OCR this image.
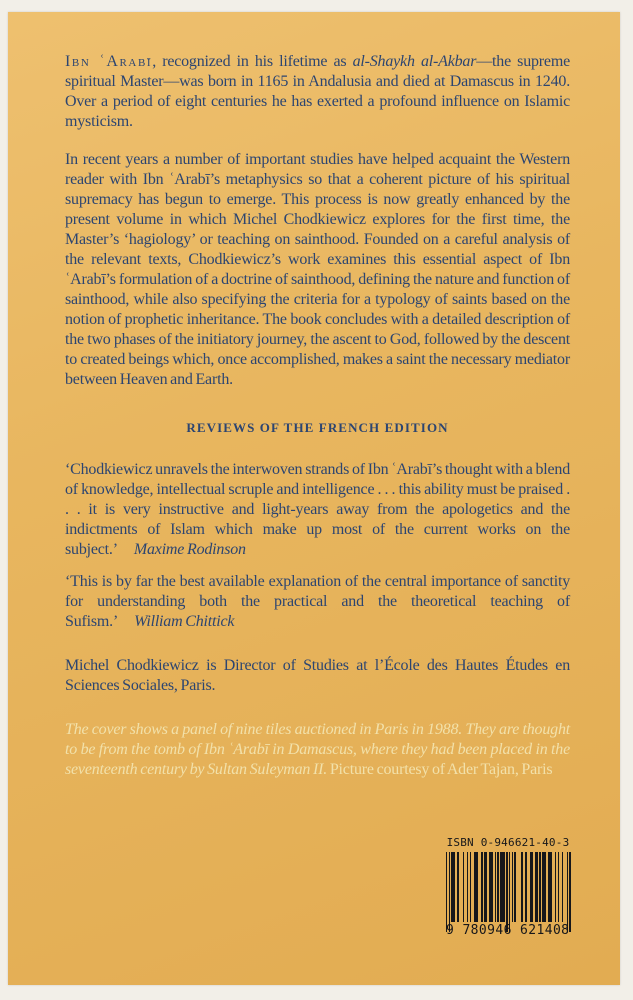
Ibn ʿArabī, recognized in his lifetime as al-Shaykh al-Akbar—the supreme spiritual Master—was born in 1165 in Andalusia and died at Damascus in 1240. Over a period of eight centuries he has exerted a profound influence on Islamic mysticism.

In recent years a number of important studies have helped acquaint the Western reader with Ibn ʿArabī’s metaphysics so that a coherent picture of his spiritual supremacy has begun to emerge. This process is now greatly enhanced by the present volume in which Michel Chodkiewicz explores for the first time, the Master’s ‘hagiology’ or teaching on sainthood. Founded on a careful analysis of the relevant texts, Chodkiewicz’s work examines this essential aspect of Ibn ʿArabī’s formulation of a doctrine of sainthood, defining the nature and function of sainthood, while also specifying the criteria for a typology of saints based on the notion of prophetic inheritance. The book concludes with a detailed description of the two phases of the initiatory journey, the ascent to God, followed by the descent to created beings which, once accomplished, makes a saint the necessary mediator between Heaven and Earth.

REVIEWS OF THE FRENCH EDITION

‘Chodkiewicz unravels the interwoven strands of Ibn ʿArabī’s thought with a blend of knowledge, intellectual scruple and intelligence . . . this ability must be praised . . . it is very instructive and light-years away from the apologetics and the indictments of Islam which make up most of the current works on the subject.’ Maxime Rodinson

‘This is by far the best available explanation of the central importance of sanctity for understanding both the practical and the theoretical teaching of Sufism.’ William Chittick

Michel Chodkiewicz is Director of Studies at l’École des Hautes Études en Sciences Sociales, Paris.

The cover shows a panel of nine tiles auctioned in Paris in 1988. They are thought to be from the tomb of Ibn ʿArabī in Damascus, where they had been placed in the seventeenth century by Sultan Suleyman II. Picture courtesy of Ader Tajan, Paris

ISBN 0-946621-40-3
9 780946 621408
